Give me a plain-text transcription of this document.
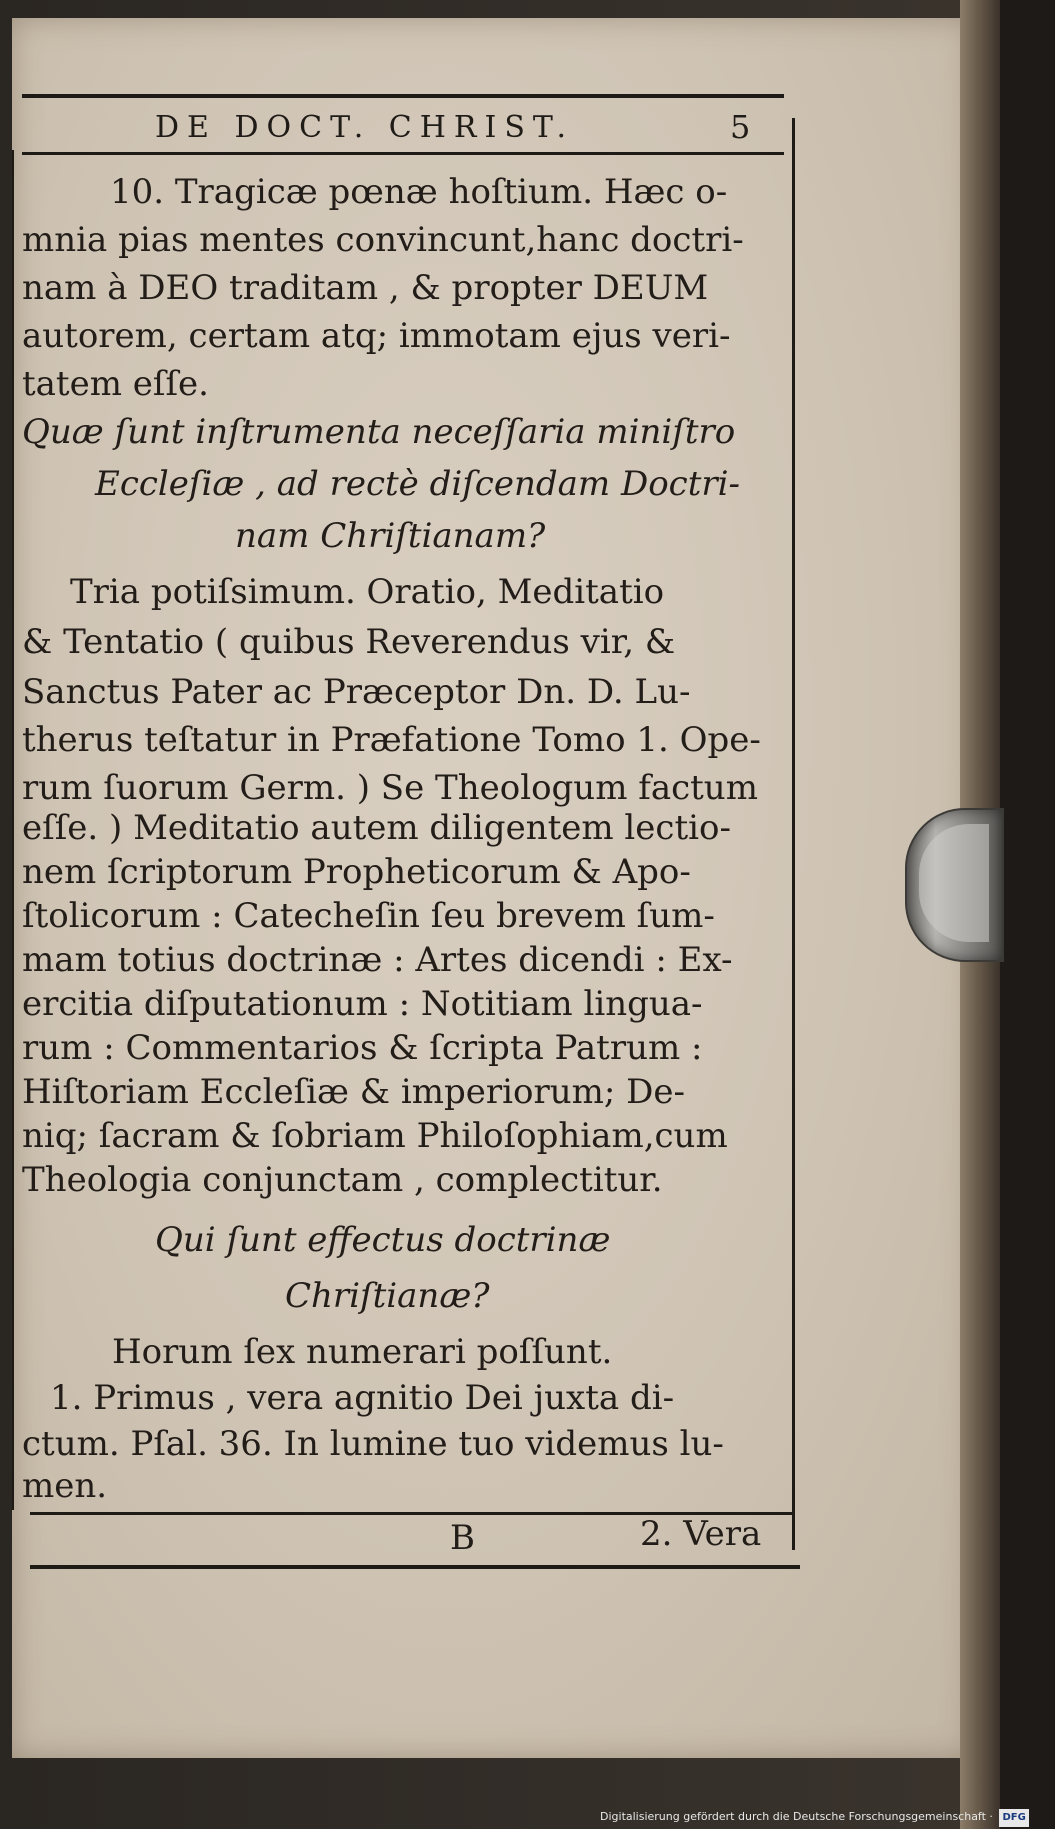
DE DOCT. CHRIST.	5
10. Tragicæ pœnæ hoſtium. Hæc o-
mnia pias mentes convincunt,hanc doctri-
nam à DEO traditam , & propter DEUM
autorem, certam atq; immotam ejus veri-
tatem eſſe.
Quæ ſunt inſtrumenta neceſſaria miniſtro
Eccleſiæ , ad rectè diſcendam Doctri-
nam Chriſtianam?
Tria potiſsimum. Oratio, Meditatio
& Tentatio ( quibus Reverendus vir, &
Sanctus Pater ac Præceptor Dn. D. Lu-
therus teſtatur in Præfatione Tomo 1. Ope-
rum ſuorum Germ. ) Se Theologum factum
eſſe. ) Meditatio autem diligentem lectio-
nem ſcriptorum Propheticorum & Apo-
ſtolicorum : Catecheſin ſeu brevem ſum-
mam totius doctrinæ : Artes dicendi : Ex-
ercitia diſputationum : Notitiam lingua-
rum : Commentarios & ſcripta Patrum :
Hiſtoriam Eccleſiæ & imperiorum; De-
niq; ſacram & ſobriam Philoſophiam,cum
Theologia conjunctam , complectitur.
Qui ſunt effectus doctrinæ
Chriſtianæ?
Horum ſex numerari poſſunt.
1. Primus , vera agnitio Dei juxta di-
ctum. Pſal. 36. In lumine tuo videmus lu-
men.
B	2. Vera
Digitalisierung gefördert durch die Deutsche Forschungsgemeinschaft · DFG
